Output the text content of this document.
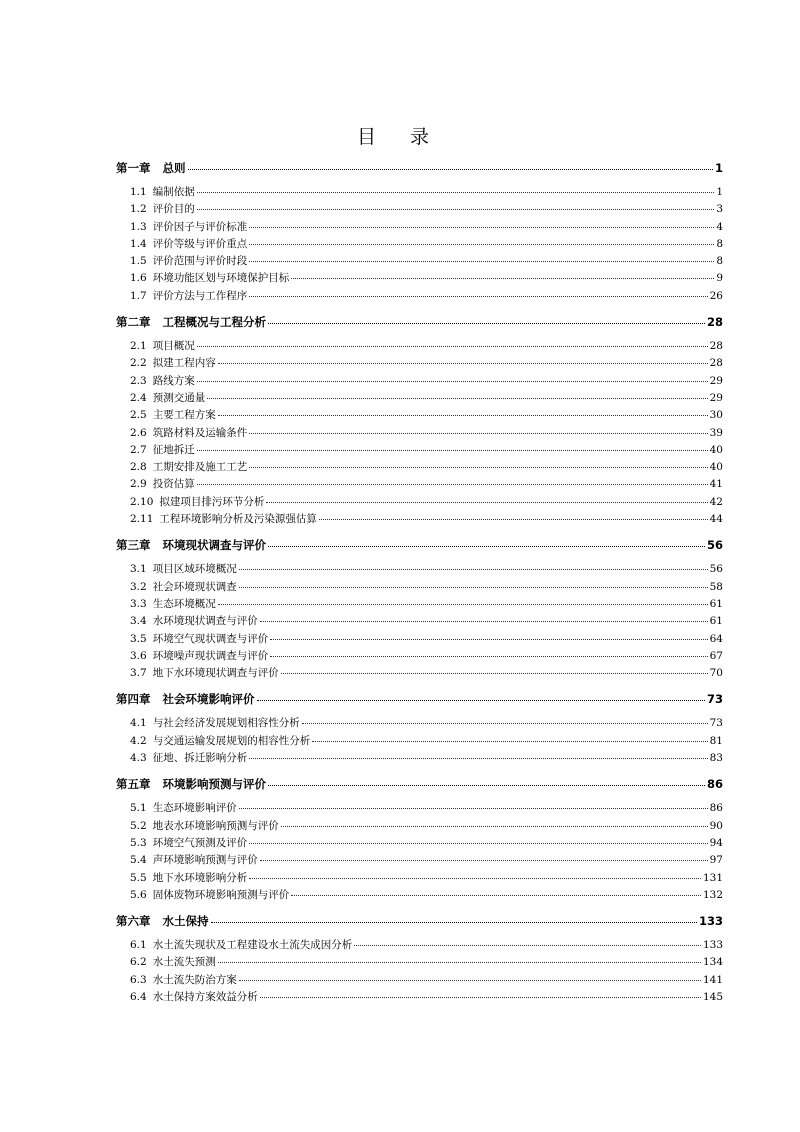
目 录
第一章 总则	1
1.1 编制依据	1
1.2 评价目的	3
1.3 评价因子与评价标准	4
1.4 评价等级与评价重点	8
1.5 评价范围与评价时段	8
1.6 环境功能区划与环境保护目标	9
1.7 评价方法与工作程序	26
第二章 工程概况与工程分析	28
2.1 项目概况	28
2.2 拟建工程内容	28
2.3 路线方案	29
2.4 预测交通量	29
2.5 主要工程方案	30
2.6 筑路材料及运输条件	39
2.7 征地拆迁	40
2.8 工期安排及施工工艺	40
2.9 投资估算	41
2.10 拟建项目排污环节分析	42
2.11 工程环境影响分析及污染源强估算	44
第三章 环境现状调查与评价	56
3.1 项目区域环境概况	56
3.2 社会环境现状调查	58
3.3 生态环境概况	61
3.4 水环境现状调查与评价	61
3.5 环境空气现状调查与评价	64
3.6 环境噪声现状调查与评价	67
3.7 地下水环境现状调查与评价	70
第四章 社会环境影响评价	73
4.1 与社会经济发展规划相容性分析	73
4.2 与交通运输发展规划的相容性分析	81
4.3 征地、拆迁影响分析	83
第五章 环境影响预测与评价	86
5.1 生态环境影响评价	86
5.2 地表水环境影响预测与评价	90
5.3 环境空气预测及评价	94
5.4 声环境影响预测与评价	97
5.5 地下水环境影响分析	131
5.6 固体废物环境影响预测与评价	132
第六章 水土保持	133
6.1 水土流失现状及工程建设水土流失成因分析	133
6.2 水土流失预测	134
6.3 水土流失防治方案	141
6.4 水土保持方案效益分析	145
